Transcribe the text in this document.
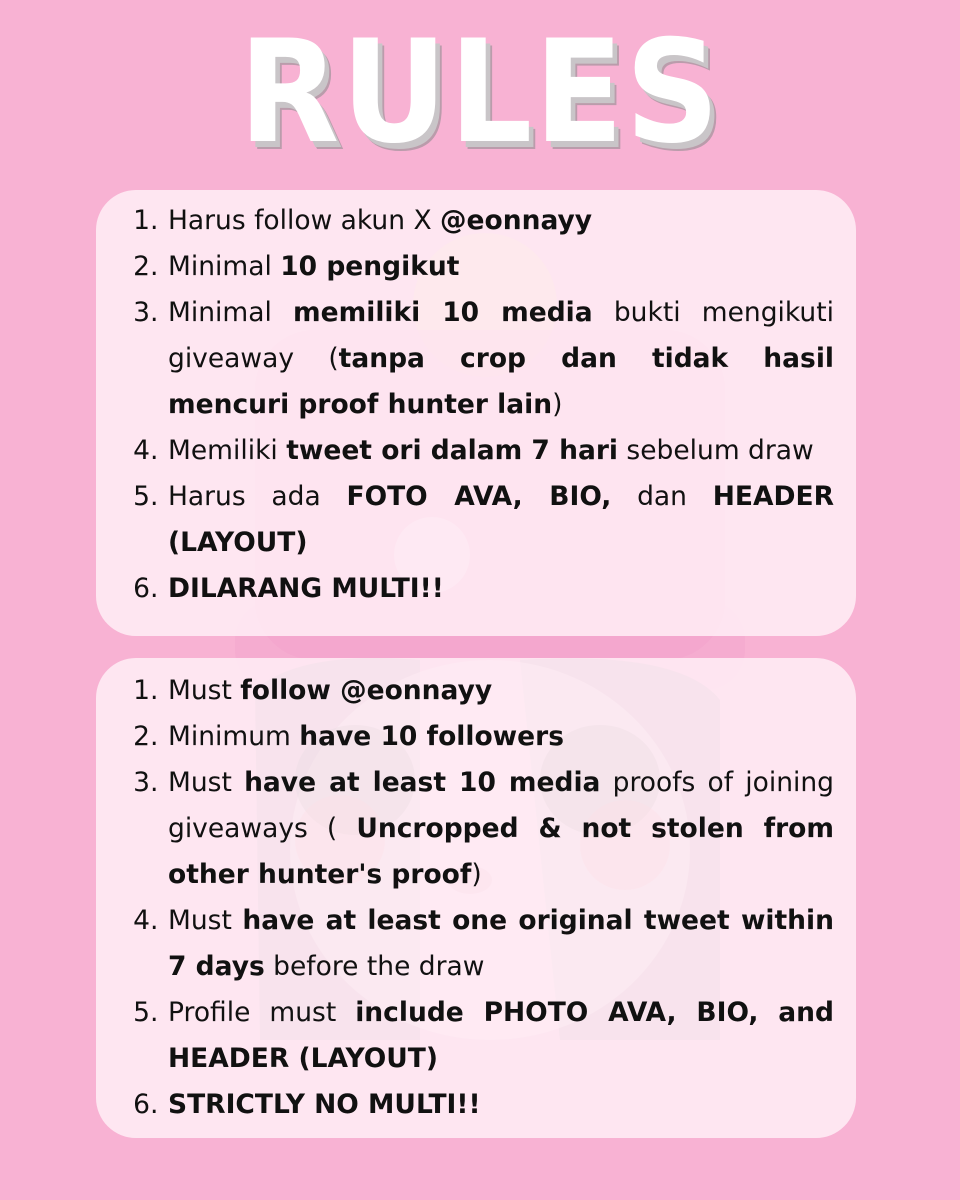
RULES
1 . Harus follow akun X @eonnayy
2 . Minimal 10 pengikut
3 . Minimal memiliki 10 media bukti mengikuti giveaway (tanpa crop dan tidak hasil mencuri proof hunter lain)
4 . Memiliki tweet ori dalam 7 hari sebelum draw
5 . Harus ada FOTO AVA, BIO, dan HEADER (LAYOUT)
6 . DILARANG MULTI!!
1 . Must follow @eonnayy
2 . Minimum have 10 followers
3 . Must have at least 10 media proofs of joining giveaways ( Uncropped & not stolen from other hunter's proof)
4 . Must have at least one original tweet within 7 days before the draw
5 . Profile must include PHOTO AVA, BIO, and HEADER (LAYOUT)
6 . STRICTLY NO MULTI!!
